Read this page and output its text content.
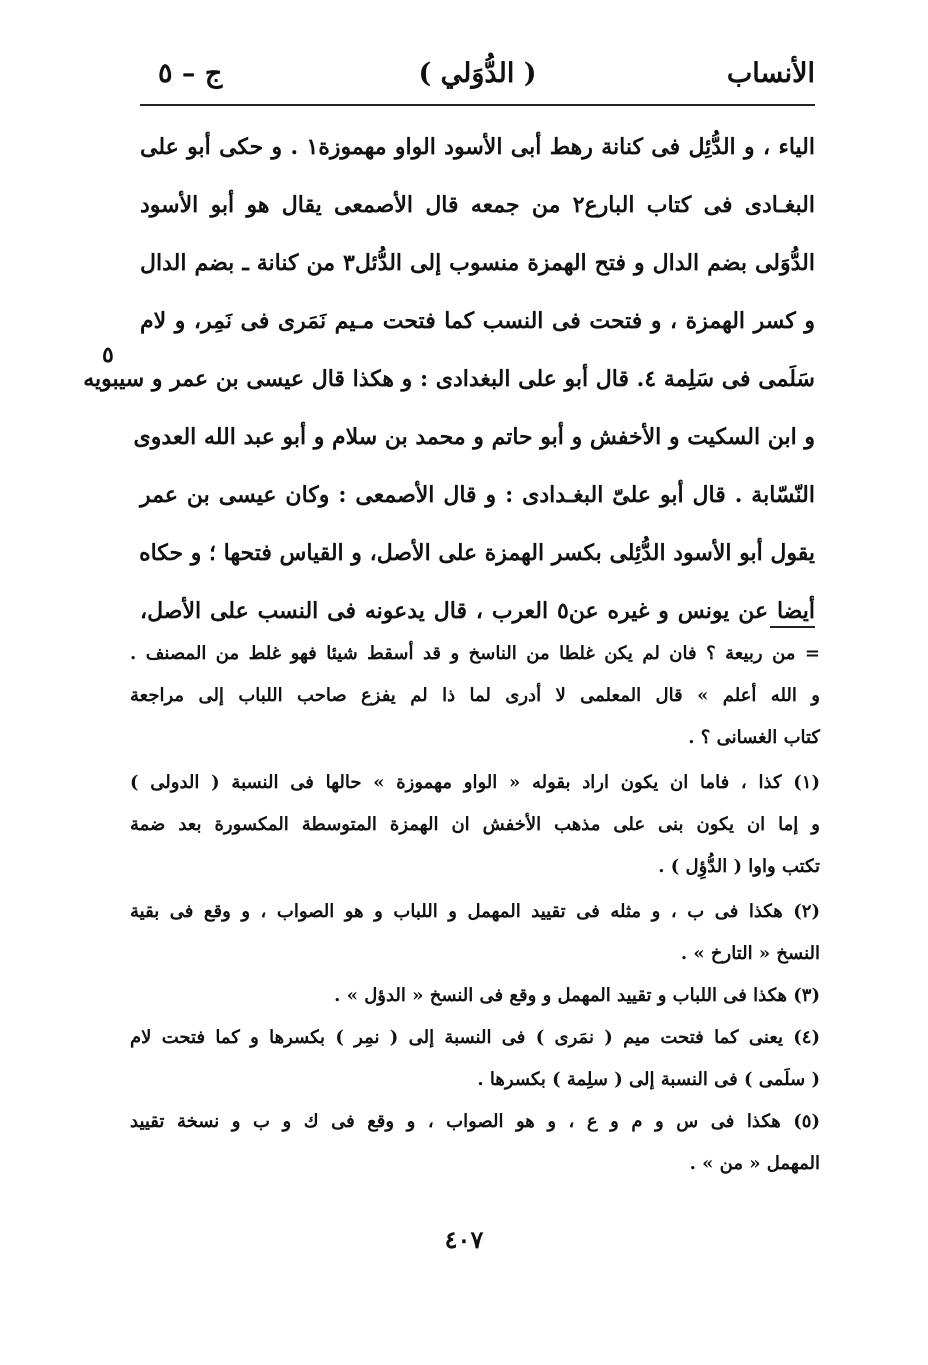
الأنساب
( الدُّوَلي )
ج – ٥
الياء ، و الدُّئِل فى كنانة رهط أبى الأسود الواو مهموزة١ . و حكى أبو على
البغـادى فى كتاب البارع٢ من جمعه قال الأصمعى يقال هو أبو الأسود
الدُّوَلى بضم الدال و فتح الهمزة منسوب إلى الدُّئل٣ من كنانة ـ بضم الدال
و كسر الهمزة ، و فتحت فى النسب كما فتحت مـيم نَمَرى فى نَمِر، و لام
سَلَمى فى سَلِمة ٤. قال أبو على البغدادى : و هكذا قال عيسى بن عمر و سيبويه
و ابن السكيت و الأخفش و أبو حاتم و محمد بن سلام و أبو عبد الله العدوى
النّسّابة . قال أبو علىّ البغـدادى : و قال الأصمعى : وكان عيسى بن عمر
يقول أبو الأسود الدُّئِلى بكسر الهمزة على الأصل، و القياس فتحها ؛ و حكاه
أيضا عن يونس و غيره عن٥ العرب ، قال يدعونه فى النسب على الأصل،
٥
= من ربيعة ؟ فان لم يكن غلطا من الناسخ و قد أسقط شيئا فهو غلط من المصنف .
و الله أعلم » قال المعلمى لا أدرى لما ذا لم يفزع صاحب اللباب إلى مراجعة
كتاب الغسانى ؟ .
(١) كذا ، فاما ان يكون اراد بقوله « الواو مهموزة » حالها فى النسبة ( الدولى )
و إما ان يكون بنى على مذهب الأخفش ان الهمزة المتوسطة المكسورة بعد ضمة
تكتب واوا ( الدُّؤِل ) .
(٢) هكذا فى ب ، و مثله فى تقييد المهمل و اللباب و هو الصواب ، و وقع فى بقية
النسخ « التارخ » .
(٣) هكذا فى اللباب و تقييد المهمل و وقع فى النسخ « الدؤل » .
(٤) يعنى كما فتحت ميم ( نمَرى ) فى النسبة إلى ( نمِر ) بكسرها و كما فتحت لام
( سلَمى ) فى النسبة إلى ( سلِمة ) بكسرها .
(٥) هكذا فى س و م و ع ، و هو الصواب ، و وقع فى ك و ب و نسخة تقييد
المهمل « من » .
٤٠٧
